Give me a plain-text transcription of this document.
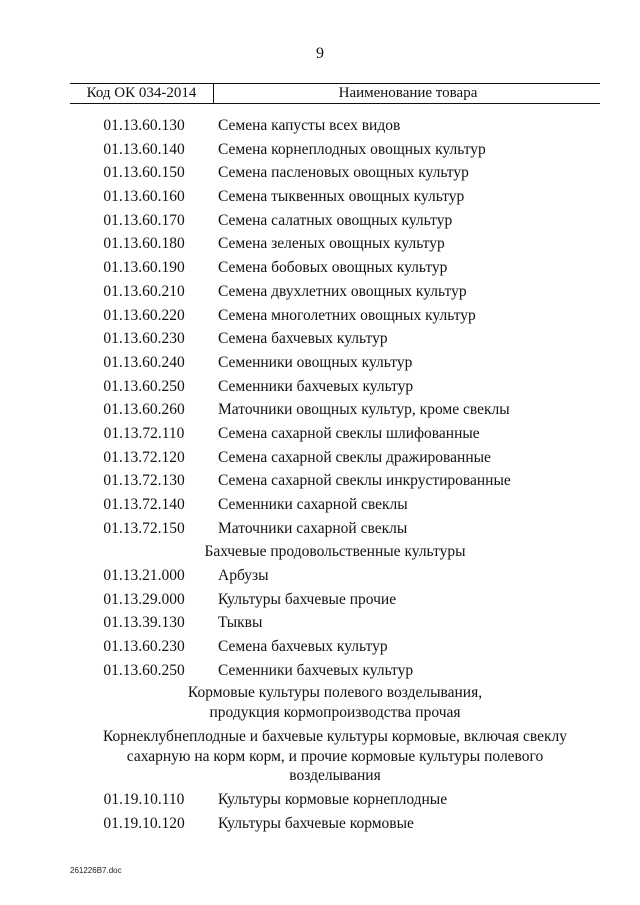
9
Код ОК 034-2014	Наименование товара
01.13.60.130 Семена капусты всех видов
01.13.60.140 Семена корнеплодных овощных культур
01.13.60.150 Семена пасленовых овощных культур
01.13.60.160 Семена тыквенных овощных культур
01.13.60.170 Семена салатных овощных культур
01.13.60.180 Семена зеленых овощных культур
01.13.60.190 Семена бобовых овощных культур
01.13.60.210 Семена двухлетних овощных культур
01.13.60.220 Семена многолетних овощных культур
01.13.60.230 Семена бахчевых культур
01.13.60.240 Семенники овощных культур
01.13.60.250 Семенники бахчевых культур
01.13.60.260 Маточники овощных культур, кроме свеклы
01.13.72.110 Семена сахарной свеклы шлифованные
01.13.72.120 Семена сахарной свеклы дражированные
01.13.72.130 Семена сахарной свеклы инкрустированные
01.13.72.140 Семенники сахарной свеклы
01.13.72.150 Маточники сахарной свеклы
Бахчевые продовольственные культуры
01.13.21.000 Арбузы
01.13.29.000 Культуры бахчевые прочие
01.13.39.130 Тыквы
01.13.60.230 Семена бахчевых культур
01.13.60.250 Семенники бахчевых культур
Кормовые культуры полевого возделывания,
продукция кормопроизводства прочая
Корнеклубнеплодные и бахчевые культуры кормовые, включая свеклу
сахарную на корм корм, и прочие кормовые культуры полевого
возделывания
01.19.10.110 Культуры кормовые корнеплодные
01.19.10.120 Культуры бахчевые кормовые
261226B7.doc
